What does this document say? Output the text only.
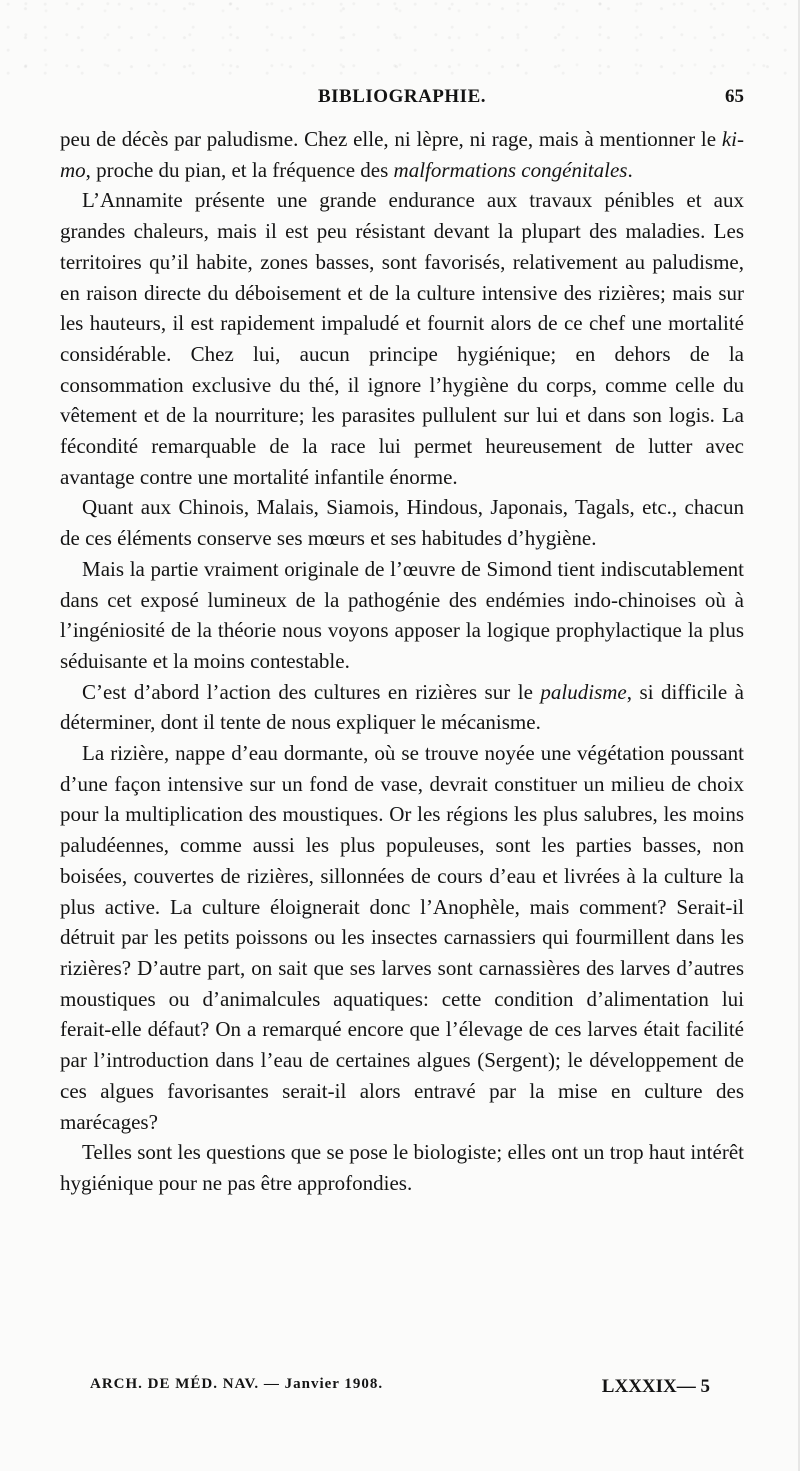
BIBLIOGRAPHIE.	65

peu de décès par paludisme. Chez elle, ni lèpre, ni rage, mais à mentionner le ki-mo, proche du pian, et la fréquence des malformations congénitales.

L’Annamite présente une grande endurance aux travaux pénibles et aux grandes chaleurs, mais il est peu résistant devant la plupart des maladies. Les territoires qu’il habite, zones basses, sont favorisés, relativement au paludisme, en raison directe du déboisement et de la culture intensive des rizières; mais sur les hauteurs, il est rapidement impaludé et fournit alors de ce chef une mortalité considérable. Chez lui, aucun principe hygiénique; en dehors de la consommation exclusive du thé, il ignore l’hygiène du corps, comme celle du vêtement et de la nourriture; les parasites pullulent sur lui et dans son logis. La fécondité remarquable de la race lui permet heureusement de lutter avec avantage contre une mortalité infantile énorme.

Quant aux Chinois, Malais, Siamois, Hindous, Japonais, Tagals, etc., chacun de ces éléments conserve ses mœurs et ses habitudes d’hygiène.

Mais la partie vraiment originale de l’œuvre de Simond tient indiscutablement dans cet exposé lumineux de la pathogénie des endémies indo-chinoises où à l’ingéniosité de la théorie nous voyons apposer la logique prophylactique la plus séduisante et la moins contestable.

C’est d’abord l’action des cultures en rizières sur le paludisme, si difficile à déterminer, dont il tente de nous expliquer le mécanisme.

La rizière, nappe d’eau dormante, où se trouve noyée une végétation poussant d’une façon intensive sur un fond de vase, devrait constituer un milieu de choix pour la multiplication des moustiques. Or les régions les plus salubres, les moins paludéennes, comme aussi les plus populeuses, sont les parties basses, non boisées, couvertes de rizières, sillonnées de cours d’eau et livrées à la culture la plus active. La culture éloignerait donc l’Anophèle, mais comment? Serait-il détruit par les petits poissons ou les insectes carnassiers qui fourmillent dans les rizières? D’autre part, on sait que ses larves sont carnassières des larves d’autres moustiques ou d’animalcules aquatiques: cette condition d’alimentation lui ferait-elle défaut? On a remarqué encore que l’élevage de ces larves était facilité par l’introduction dans l’eau de certaines algues (Sergent); le développement de ces algues favorisantes serait-il alors entravé par la mise en culture des marécages?

Telles sont les questions que se pose le biologiste; elles ont un trop haut intérêt hygiénique pour ne pas être approfondies.

ARCH. DE MÉD. NAV. — Janvier 1908.	LXXXIX— 5
